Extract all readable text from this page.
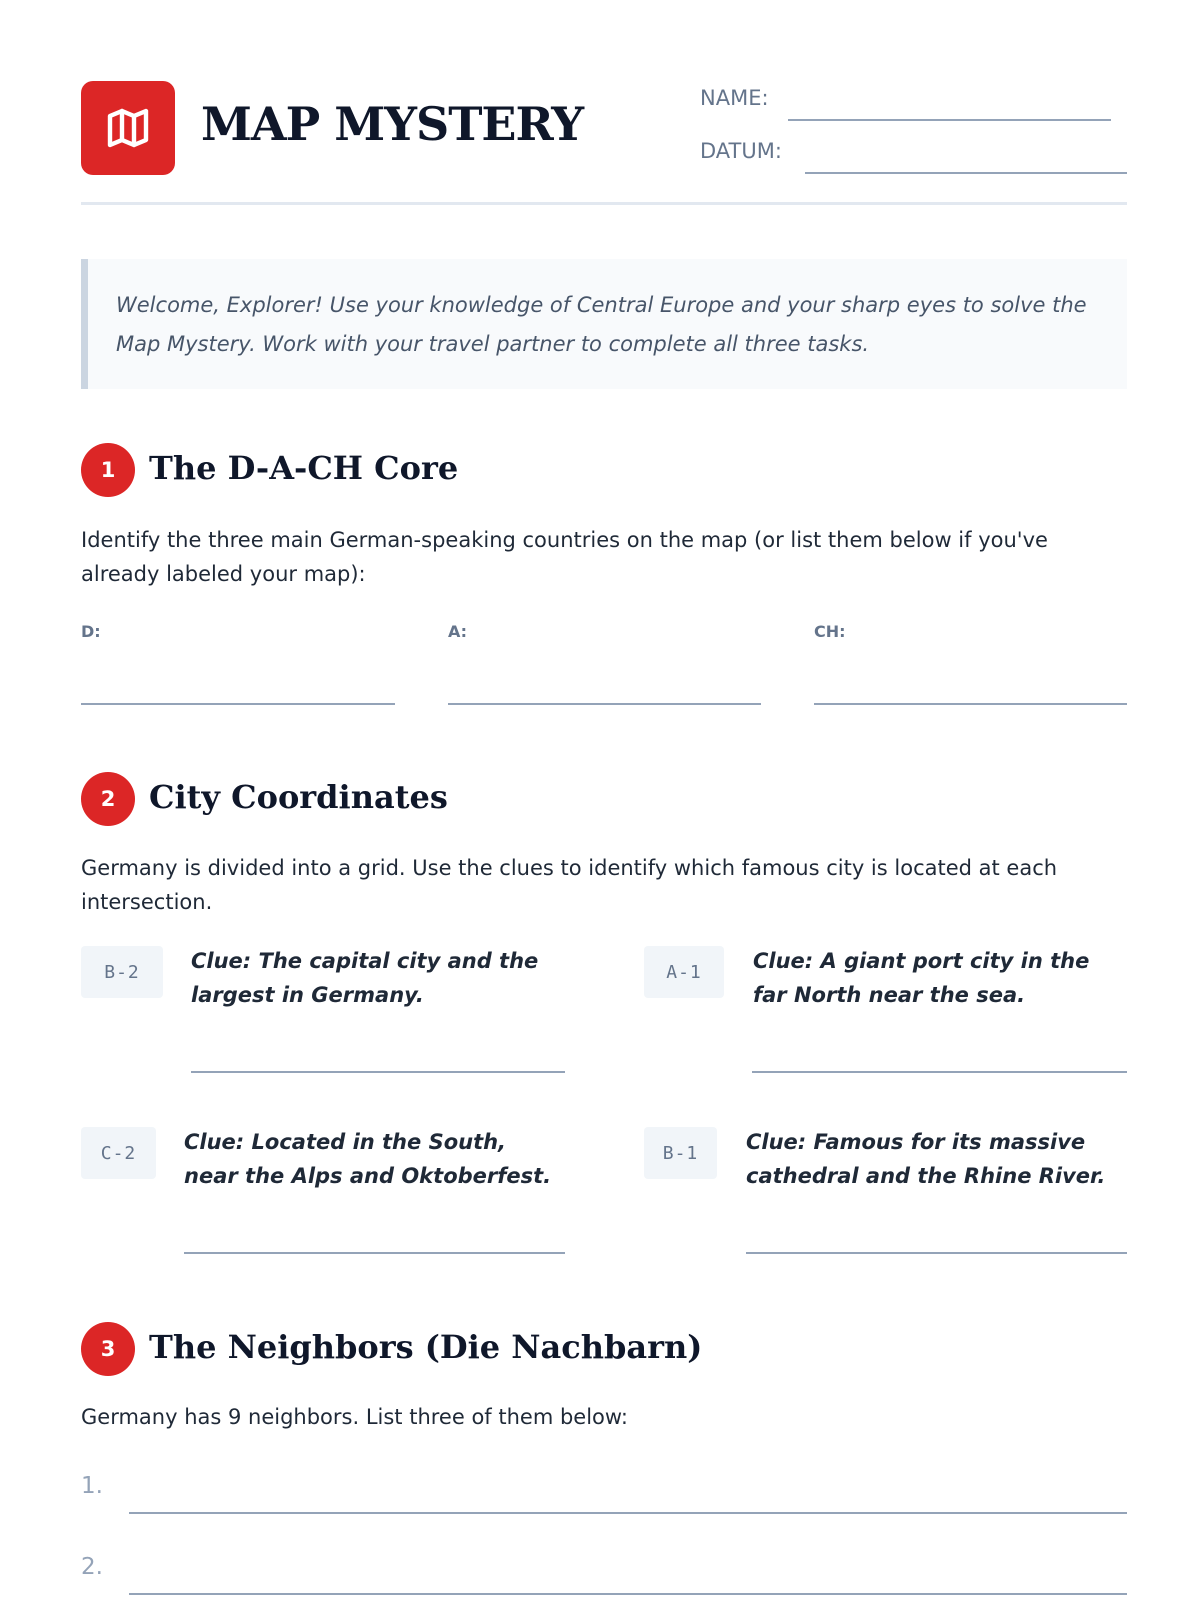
MAP MYSTERY	NAME:
DATUM:

Welcome, Explorer! Use your knowledge of Central Europe and your sharp eyes to solve the Map Mystery. Work with your travel partner to complete all three tasks.

1	The D-A-CH Core
Identify the three main German-speaking countries on the map (or list them below if you've already labeled your map):
D:	A:	CH:
2	City Coordinates
Germany is divided into a grid. Use the clues to identify which famous city is located at each intersection.
B-2	Clue: The capital city and the largest in Germany.
A-1	Clue: A giant port city in the far North near the sea.
C-2	Clue: Located in the South, near the Alps and Oktoberfest.
B-1	Clue: Famous for its massive cathedral and the Rhine River.
3	The Neighbors (Die Nachbarn)
Germany has 9 neighbors. List three of them below:
1.
2.
